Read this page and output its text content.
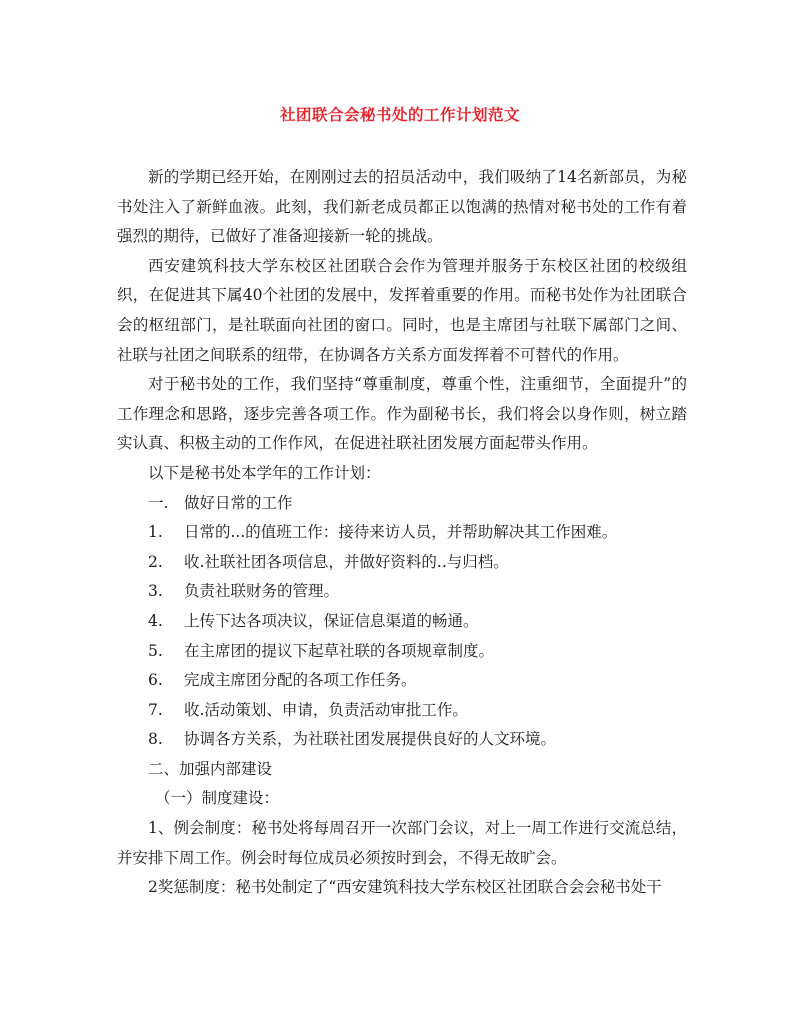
社团联合会秘书处的工作计划范文

新的学期已经开始，在刚刚过去的招员活动中，我们吸纳了14名新部员，为秘书处注入了新鲜血液。此刻，我们新老成员都正以饱满的热情对秘书处的工作有着强烈的期待，已做好了准备迎接新一轮的挑战。

西安建筑科技大学东校区社团联合会作为管理并服务于东校区社团的校级组织，在促进其下属40个社团的发展中，发挥着重要的作用。而秘书处作为社团联合会的枢纽部门，是社联面向社团的窗口。同时，也是主席团与社联下属部门之间、社联与社团之间联系的纽带，在协调各方关系方面发挥着不可替代的作用。

对于秘书处的工作，我们坚持“尊重制度，尊重个性，注重细节，全面提升”的工作理念和思路，逐步完善各项工作。作为副秘书长，我们将会以身作则，树立踏实认真、积极主动的工作作风，在促进社联社团发展方面起带头作用。

以下是秘书处本学年的工作计划：

一. 做好日常的工作

1. 日常的...的值班工作：接待来访人员，并帮助解决其工作困难。

2. 收.社联社团各项信息，并做好资料的..与归档。

3. 负责社联财务的管理。

4. 上传下达各项决议，保证信息渠道的畅通。

5. 在主席团的提议下起草社联的各项规章制度。

6. 完成主席团分配的各项工作任务。

7. 收.活动策划、申请，负责活动审批工作。

8. 协调各方关系，为社联社团发展提供良好的人文环境。

二、加强内部建设

（一）制度建设：

1、例会制度：秘书处将每周召开一次部门会议，对上一周工作进行交流总结，并安排下周工作。例会时每位成员必须按时到会，不得无故旷会。

2奖惩制度：秘书处制定了“西安建筑科技大学东校区社团联合会会秘书处干
